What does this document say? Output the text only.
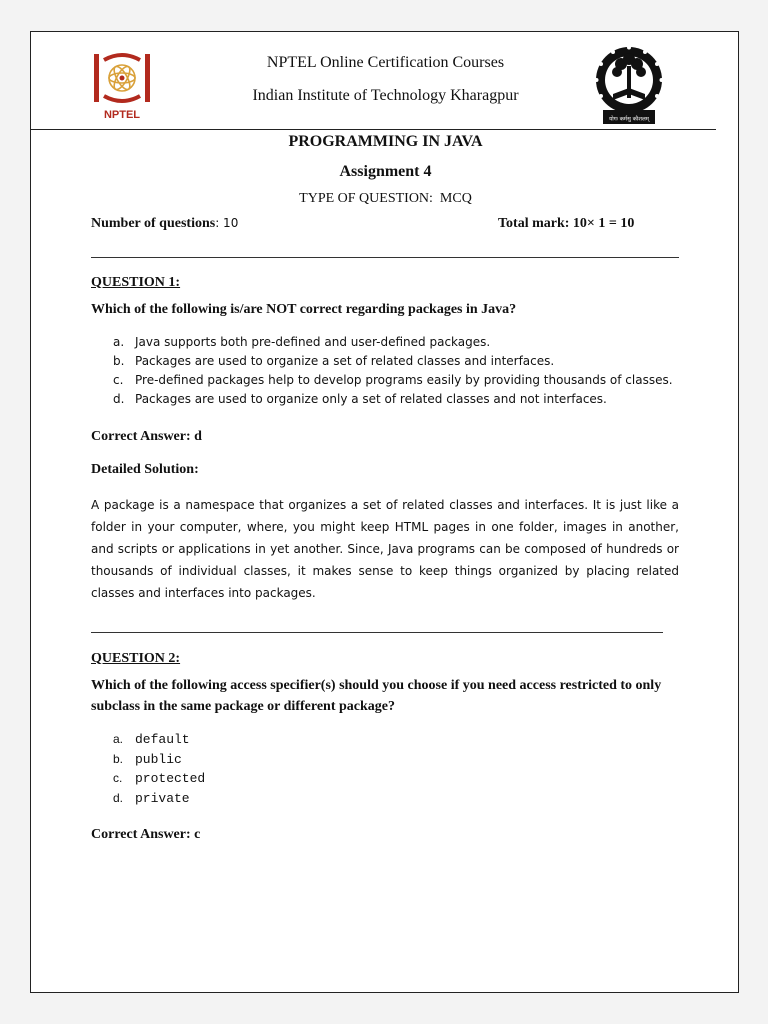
NPTEL
NPTEL Online Certification Courses
Indian Institute of Technology Kharagpur
योगः कर्मसु कौशलम्
PROGRAMMING IN JAVA
Assignment 4
TYPE OF QUESTION:  MCQ
Number of questions: 10	Total mark: 10× 1 = 10
QUESTION 1:
Which of the following is/are NOT correct regarding packages in Java?
a. Java supports both pre-defined and user-defined packages.
b. Packages are used to organize a set of related classes and interfaces.
c. Pre-defined packages help to develop programs easily by providing thousands of classes.
d. Packages are used to organize only a set of related classes and not interfaces.
Correct Answer: d
Detailed Solution:
A package is a namespace that organizes a set of related classes and interfaces. It is just like a folder in your computer, where, you might keep HTML pages in one folder, images in another, and scripts or applications in yet another. Since, Java programs can be composed of hundreds or thousands of individual classes, it makes sense to keep things organized by placing related classes and interfaces into packages.
QUESTION 2:
Which of the following access specifier(s) should you choose if you need access restricted to only subclass in the same package or different package?
a. default
b. public
c. protected
d. private
Correct Answer: c
